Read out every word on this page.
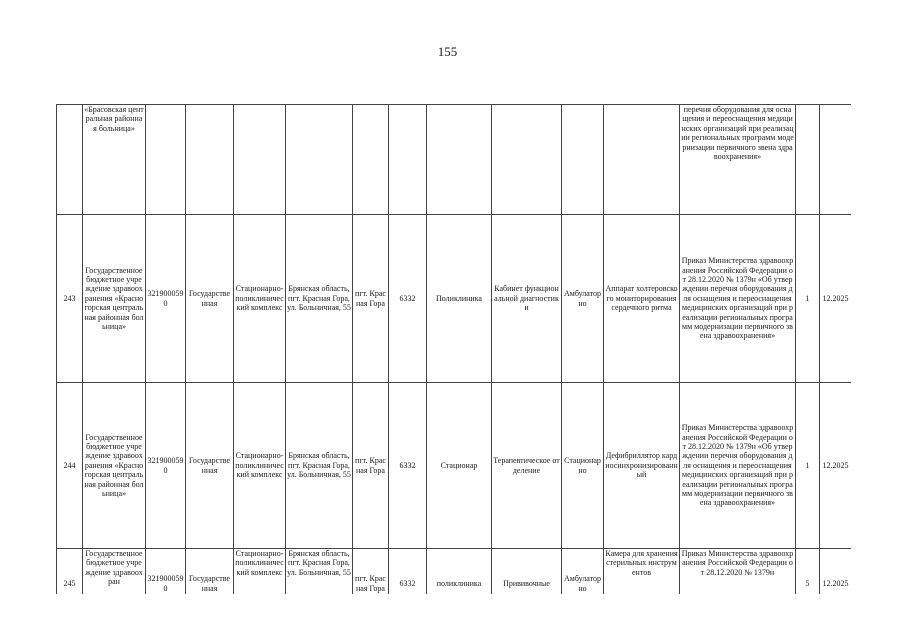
155
	«Брасовская центральная районная больница»											перечня оборудования для оснащения и переоснащения медицинских организаций при реализации региональных программ модернизации первичного звена здравоохранения»		
243	Государственное бюджетное учреждение здравоохранения «Красногорская центральная районная больница»	3219000590	Государственная	Стационарно-поликлинический комплекс	Брянская область, пгт. Красная Гора, ул. Больничная, 55	пгт. Красная Гора	6332	Поликлиника	Кабинет функциональной диагностики	Амбулаторно	Аппарат холтеровского мониторирования сердечного ритма	Приказ Министерства здравоохранения Российской Федерации от 28.12.2020 № 1379н «Об утверждении перечня оборудования для оснащения и переоснащения медицинских организаций при реализации региональных программ модернизации первичного звена здравоохранения»	1	12.2025
244	Государственное бюджетное учреждение здравоохранения «Красногорская центральная районная больница»	3219000590	Государственная	Стационарно-поликлинический комплекс	Брянская область, пгт. Красная Гора, ул. Больничная, 55	пгт. Красная Гора	6332	Стационар	Терапевтическое отделение	Стационарно	Дефибриллятор кардиосинхронизированный	Приказ Министерства здравоохранения Российской Федерации от 28.12.2020 № 1379н «Об утверждении перечня оборудования для оснащения и переоснащения медицинских организаций при реализации региональных программ модернизации первичного звена здравоохранения»	1	12.2025
245	Государственное бюджетное учреждение здравоохран	3219000590	Государственная	Стационарно-поликлинический комплекс	Брянская область, пгт. Красная Гора, ул. Больничная, 55	пгт. Красная Гора	6332	поликлиника	Прививочные	Амбулаторно	Камера для хранения стерильных инструментов	Приказ Министерства здравоохранения Российской Федерации от 28.12.2020 № 1379н	5	12.2025
